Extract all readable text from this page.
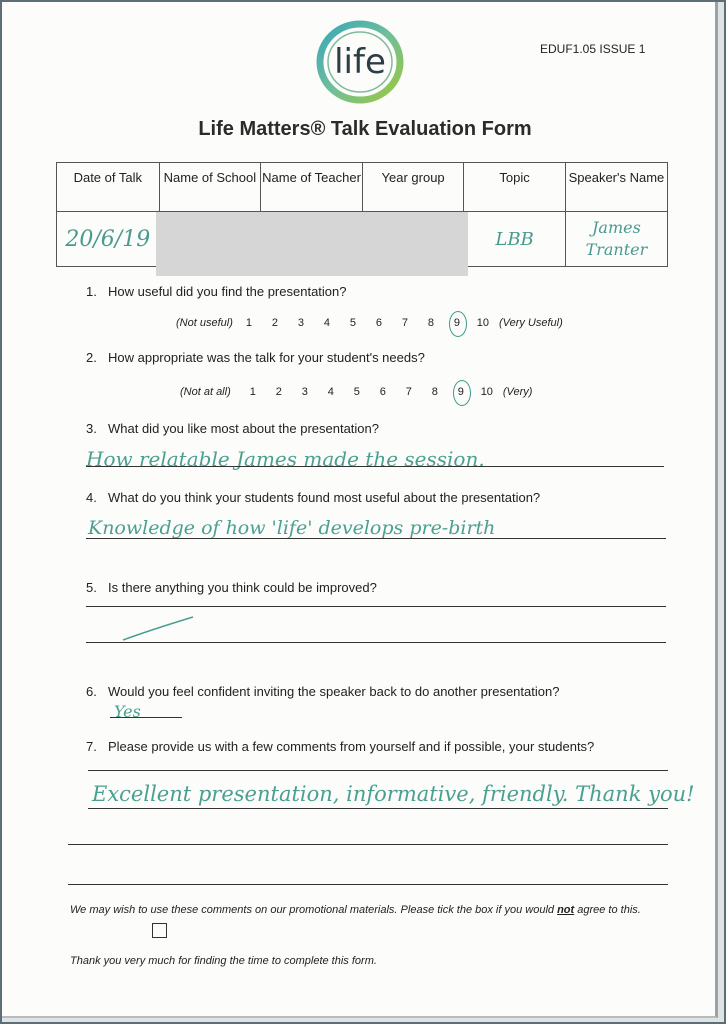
life	EDUF1.05 ISSUE 1
Life Matters® Talk Evaluation Form
Date of Talk	Name of School	Name of Teacher	Year group	Topic	Speaker's Name
20/6/19				LBB	James Tranter
1. How useful did you find the presentation?
(Not useful) 1 2 3 4 5 6 7 8 9 10 (Very Useful)
2. How appropriate was the talk for your student's needs?
(Not at all) 1 2 3 4 5 6 7 8 9 10 (Very)
3. What did you like most about the presentation?
How relatable James made the session.
4. What do you think your students found most useful about the presentation?
Knowledge of how 'life' develops pre-birth
5. Is there anything you think could be improved?
6. Would you feel confident inviting the speaker back to do another presentation?
Yes
7. Please provide us with a few comments from yourself and if possible, your students?
Excellent presentation, informative, friendly. Thank you!
We may wish to use these comments on our promotional materials. Please tick the box if you would not agree to this.
Thank you very much for finding the time to complete this form.
